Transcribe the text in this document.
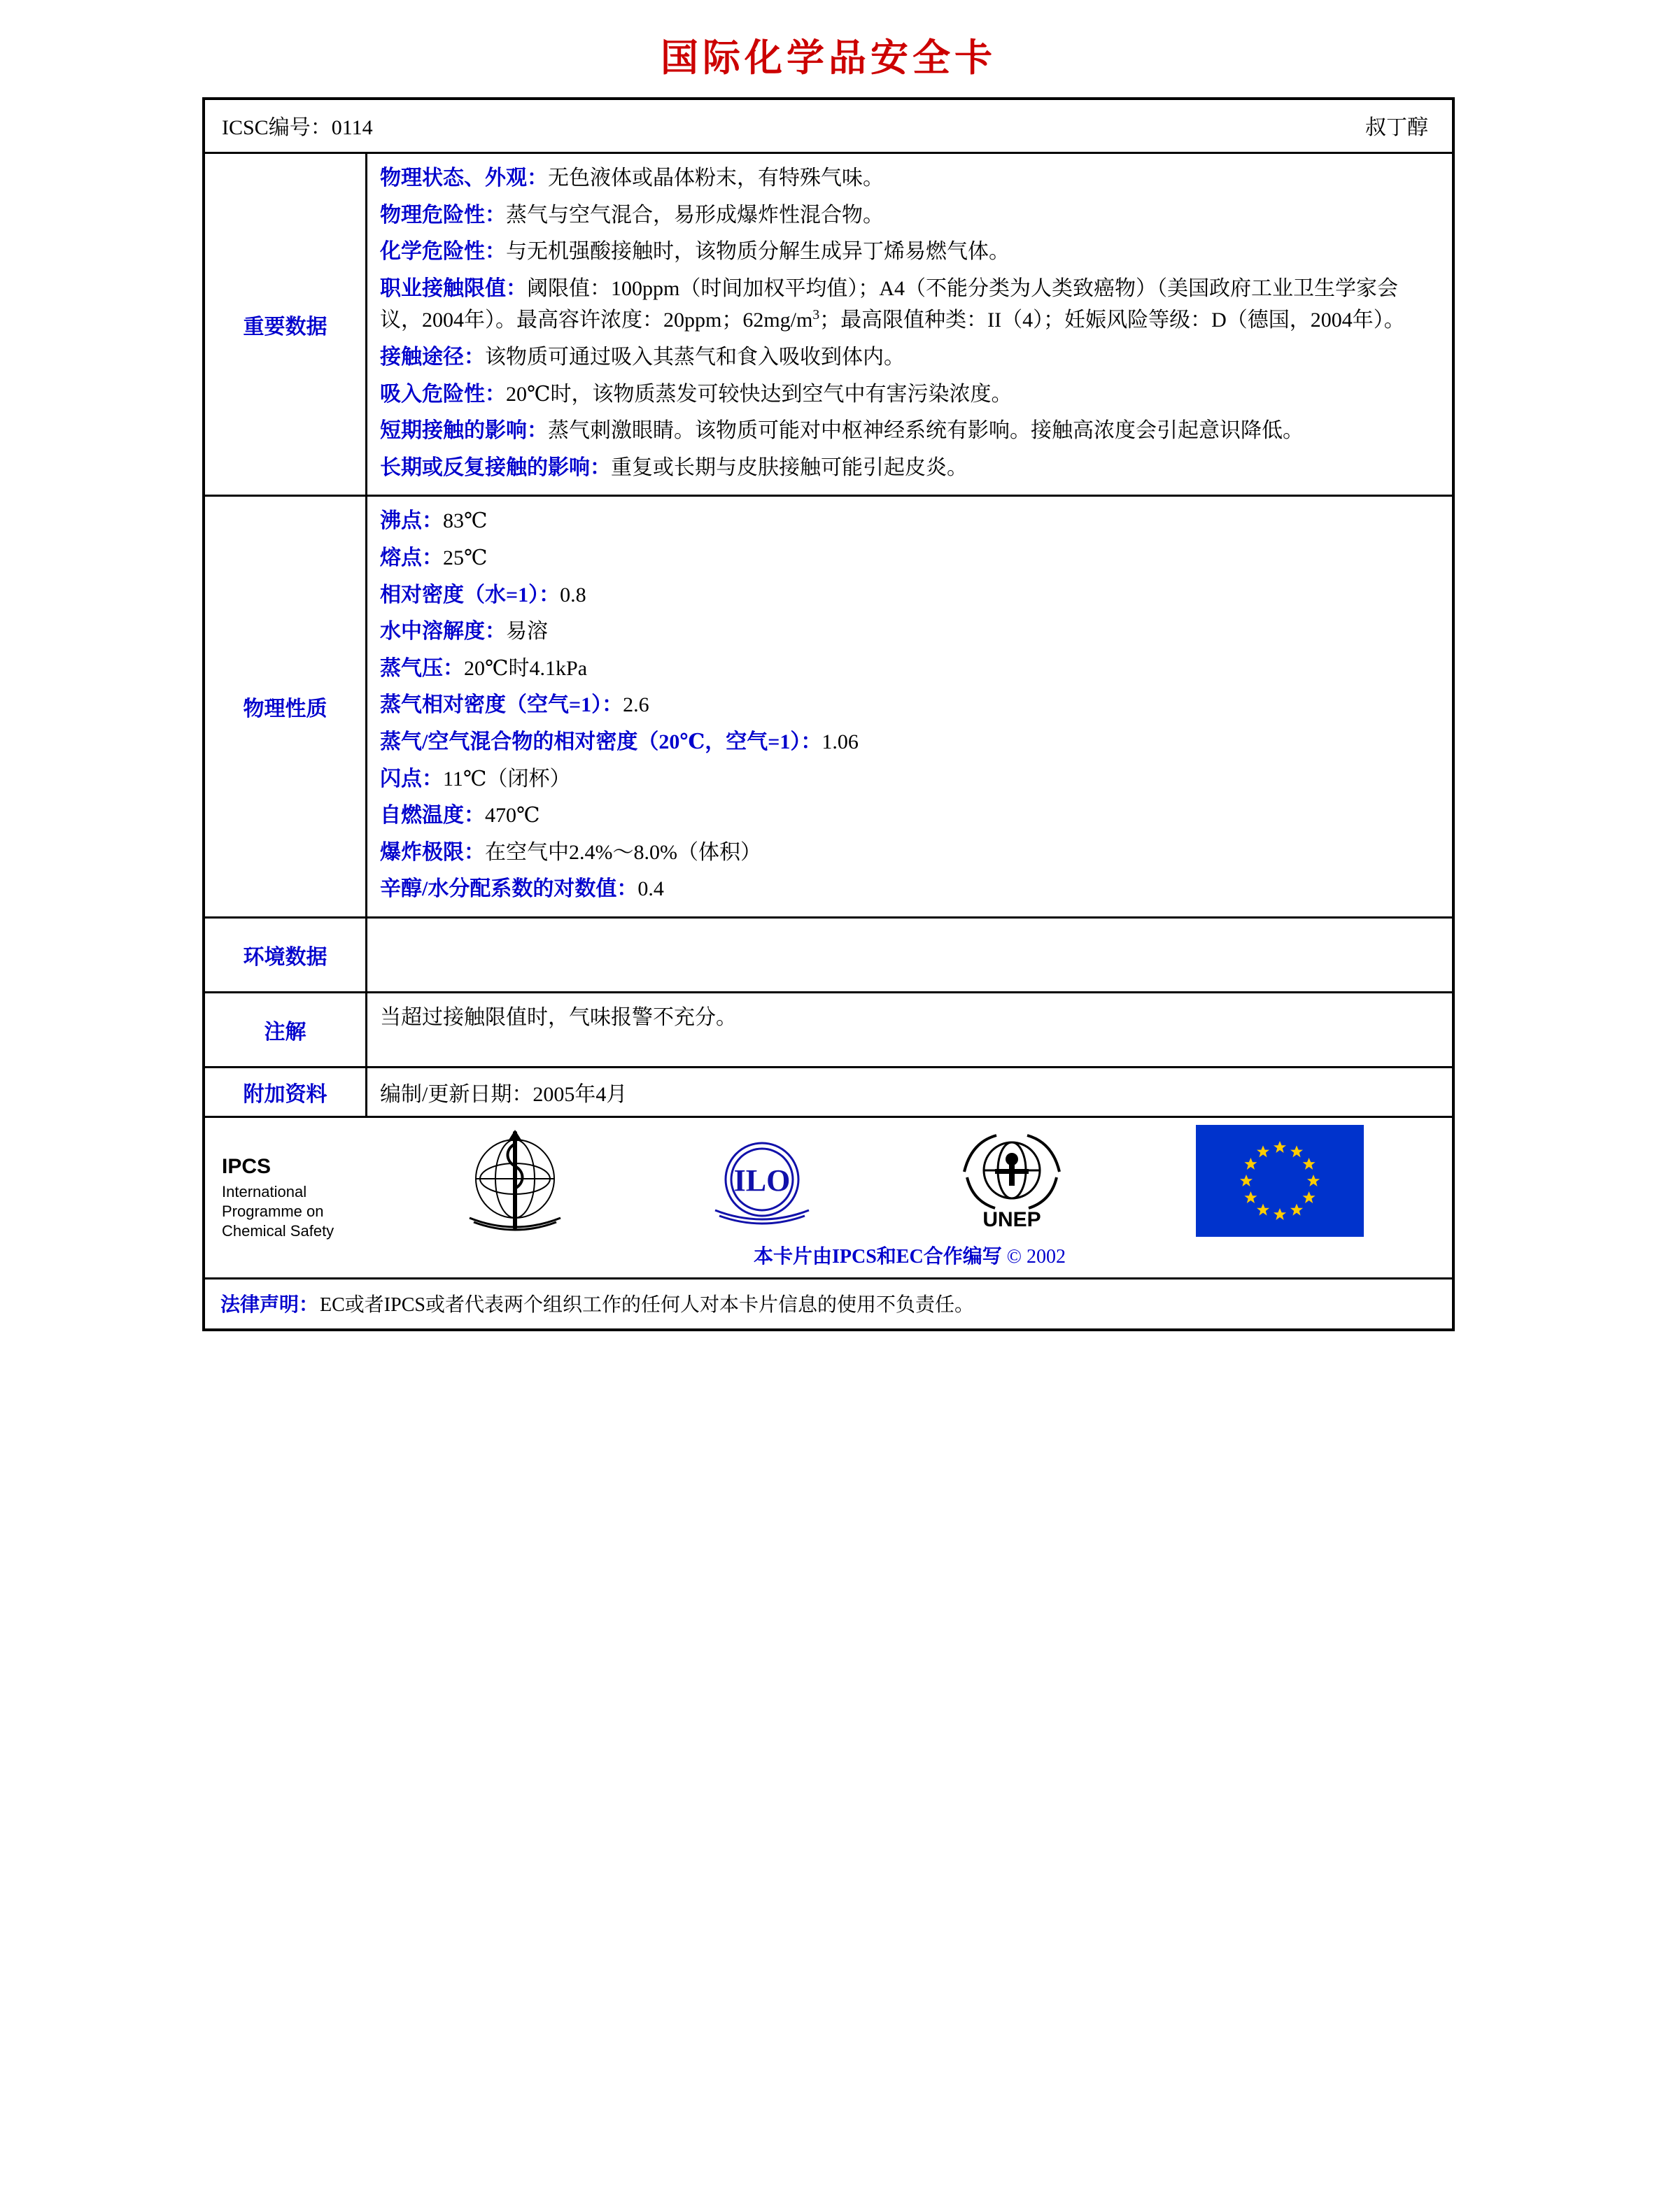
国际化学品安全卡
ICSC编号：0114	叔丁醇
重要数据

物理状态、外观：无色液体或晶体粉末，有特殊气味。

物理危险性：蒸气与空气混合，易形成爆炸性混合物。

化学危险性：与无机强酸接触时，该物质分解生成异丁烯易燃气体。

职业接触限值：阈限值：100ppm（时间加权平均值）；A4（不能分类为人类致癌物）（美国政府工业卫生学家会议，2004年）。最高容许浓度：20ppm；$62mg/m^3$；最高限值种类：II（4）；妊娠风险等级：D（德国，2004年）。

接触途径：该物质可通过吸入其蒸气和食入吸收到体内。

吸入危险性：20℃时，该物质蒸发可较快达到空气中有害污染浓度。

短期接触的影响：蒸气刺激眼睛。该物质可能对中枢神经系统有影响。接触高浓度会引起意识降低。

长期或反复接触的影响：重复或长期与皮肤接触可能引起皮炎。

物理性质

沸点：83℃

熔点：25℃

相对密度（水=1）：0.8

水中溶解度：易溶

蒸气压：20℃时4.1kPa

蒸气相对密度（空气=1）：2.6

蒸气/空气混合物的相对密度（20℃，空气=1）：1.06

闪点：11℃（闭杯）

自燃温度：470℃

爆炸极限：在空气中2.4%～8.0%（体积）

辛醇/水分配系数的对数值：0.4

环境数据

注解

当超过接触限值时，气味报警不充分。

附加资料	编制/更新日期：2005年4月
IPCS
International
Programme on
Chemical Safety
ILO
UNEP
本卡片由IPCS和EC合作编写 © 2002
法律声明：EC或者IPCS或者代表两个组织工作的任何人对本卡片信息的使用不负责任。
